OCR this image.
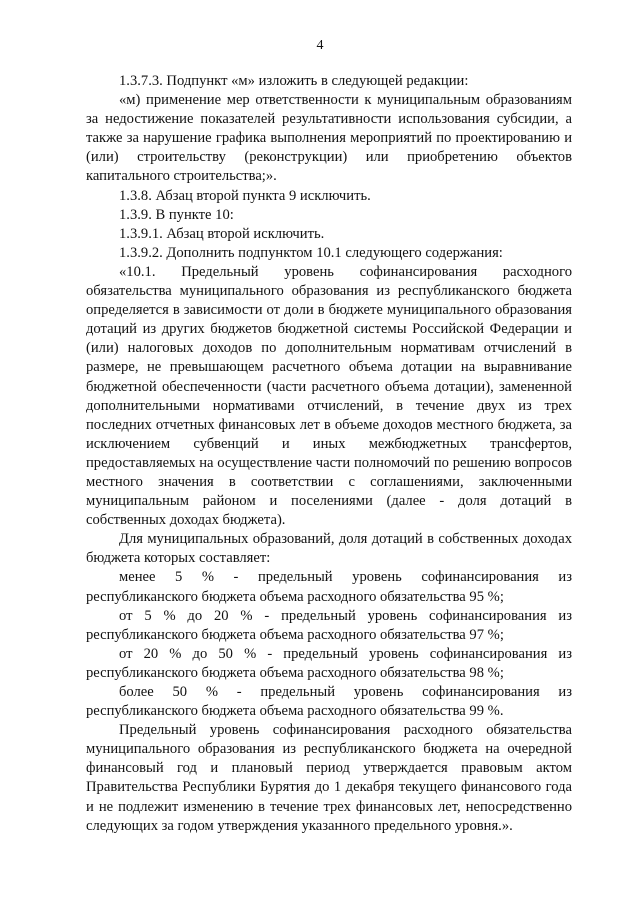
4

1.3.7.3. Подпункт «м» изложить в следующей редакции:

«м) применение мер ответственности к муниципальным образованиям за недостижение показателей результативности использования субсидии, а также за нарушение графика выполнения мероприятий по проектированию и (или) строительству (реконструкции) или приобретению объектов капитального строительства;».

1.3.8. Абзац второй пункта 9 исключить.

1.3.9. В пункте 10:

1.3.9.1. Абзац второй исключить.

1.3.9.2. Дополнить подпунктом 10.1 следующего содержания:

«10.1. Предельный уровень софинансирования расходного обязательства муниципального образования из республиканского бюджета определяется в зависимости от доли в бюджете муниципального образования дотаций из других бюджетов бюджетной системы Российской Федерации и (или) налоговых доходов по дополнительным нормативам отчислений в размере, не превышающем расчетного объема дотации на выравнивание бюджетной обеспеченности (части расчетного объема дотации), замененной дополнительными нормативами отчислений, в течение двух из трех последних отчетных финансовых лет в объеме доходов местного бюджета, за исключением субвенций и иных межбюджетных трансфертов, предоставляемых на осуществление части полномочий по решению вопросов местного значения в соответствии с соглашениями, заключенными муниципальным районом и поселениями (далее - доля дотаций в собственных доходах бюджета).

Для муниципальных образований, доля дотаций в собственных доходах бюджета которых составляет:

менее 5 % - предельный уровень софинансирования из республиканского бюджета объема расходного обязательства 95 %;

от 5 % до 20 % - предельный уровень софинансирования из республиканского бюджета объема расходного обязательства 97 %;

от 20 % до 50 % - предельный уровень софинансирования из республиканского бюджета объема расходного обязательства 98 %;

более 50 % - предельный уровень софинансирования из республиканского бюджета объема расходного обязательства 99 %.

Предельный уровень софинансирования расходного обязательства муниципального образования из республиканского бюджета на очередной финансовый год и плановый период утверждается правовым актом Правительства Республики Бурятия до 1 декабря текущего финансового года и не подлежит изменению в течение трех финансовых лет, непосредственно следующих за годом утверждения указанного предельного уровня.».
